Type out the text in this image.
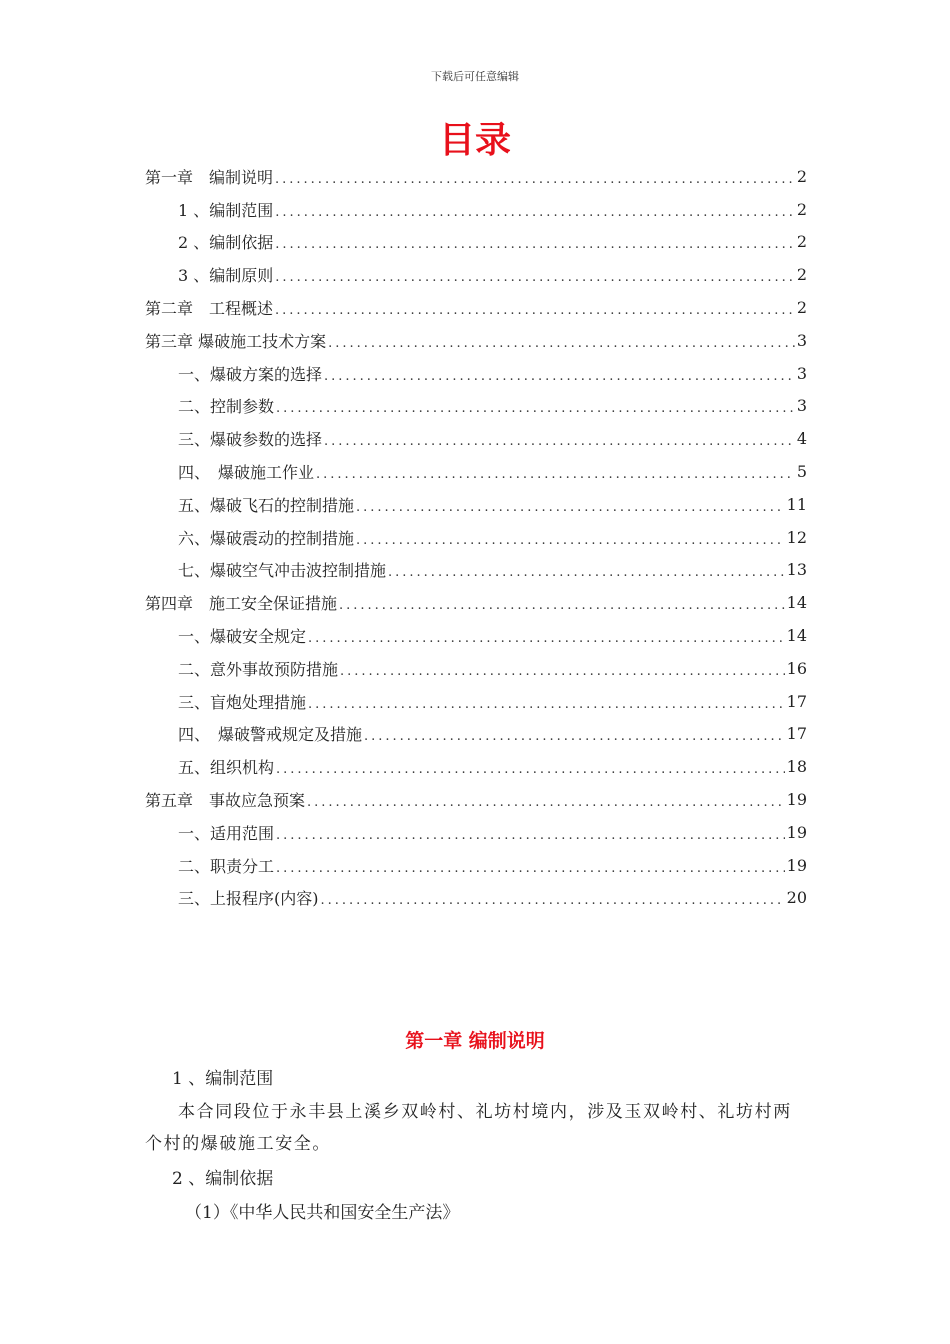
下载后可任意编辑
目录
第一章　编制说明 .....	2
1 、编制范围 .....	2
2 、编制依据 .....	2
3 、编制原则 .....	2
第二章　工程概述 .....	2
第三章 爆破施工技术方案 .....	3
一、爆破方案的选择 .....	3
二、控制参数 .....	3
三、爆破参数的选择 .....	4
四、　爆破施工作业 .....	5
五、爆破飞石的控制措施 .....	11
六、爆破震动的控制措施 .....	12
七、爆破空气冲击波控制措施 .....	13
第四章　施工安全保证措施 .....	14
一、爆破安全规定 .....	14
二、意外事故预防措施 .....	16
三、盲炮处理措施 .....	17
四、　爆破警戒规定及措施 .....	17
五、组织机构 .....	18
第五章　事故应急预案 .....	19
一、适用范围 .....	19
二、职责分工 .....	19
三、上报程序(内容) .....	20
第一章 编制说明
1 、编制范围
本合同段位于永丰县上溪乡双岭村、礼坊村境内，涉及玉双岭村、礼坊村两个村的爆破施工安全。
2 、编制依据
（1）《中华人民共和国安全生产法》
